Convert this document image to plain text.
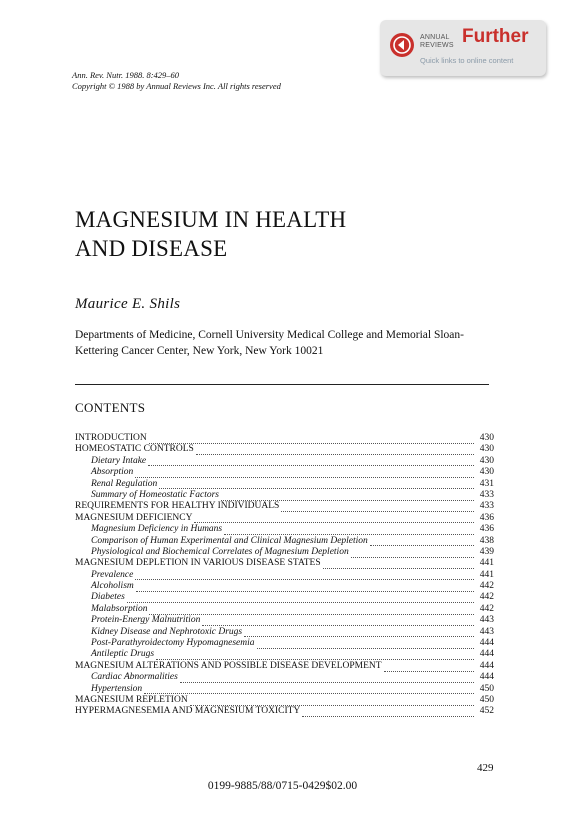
ANNUAL
REVIEWS Further
Quick links to online content
Ann. Rev. Nutr. 1988. 8:429–60
Copyright © 1988 by Annual Reviews Inc. All rights reserved
MAGNESIUM IN HEALTH
AND DISEASE
Maurice E. Shils
Departments of Medicine, Cornell University Medical College and Memorial Sloan-Kettering Cancer Center, New York, New York 10021
CONTENTS
INTRODUCTION	430
HOMEOSTATIC CONTROLS	430
Dietary Intake	430
Absorption	430
Renal Regulation	431
Summary of Homeostatic Factors	433
REQUIREMENTS FOR HEALTHY INDIVIDUALS	433
MAGNESIUM DEFICIENCY	436
Magnesium Deficiency in Humans	436
Comparison of Human Experimental and Clinical Magnesium Depletion	438
Physiological and Biochemical Correlates of Magnesium Depletion	439
MAGNESIUM DEPLETION IN VARIOUS DISEASE STATES	441
Prevalence	441
Alcoholism	442
Diabetes	442
Malabsorption	442
Protein-Energy Malnutrition	443
Kidney Disease and Nephrotoxic Drugs	443
Post-Parathyroidectomy Hypomagnesemia	444
Antileptic Drugs	444
MAGNESIUM ALTERATIONS AND POSSIBLE DISEASE DEVELOPMENT	444
Cardiac Abnormalities	444
Hypertension	450
MAGNESIUM REPLETION	450
HYPERMAGNESEMIA AND MAGNESIUM TOXICITY	452
429
0199-9885/88/0715-0429$02.00
